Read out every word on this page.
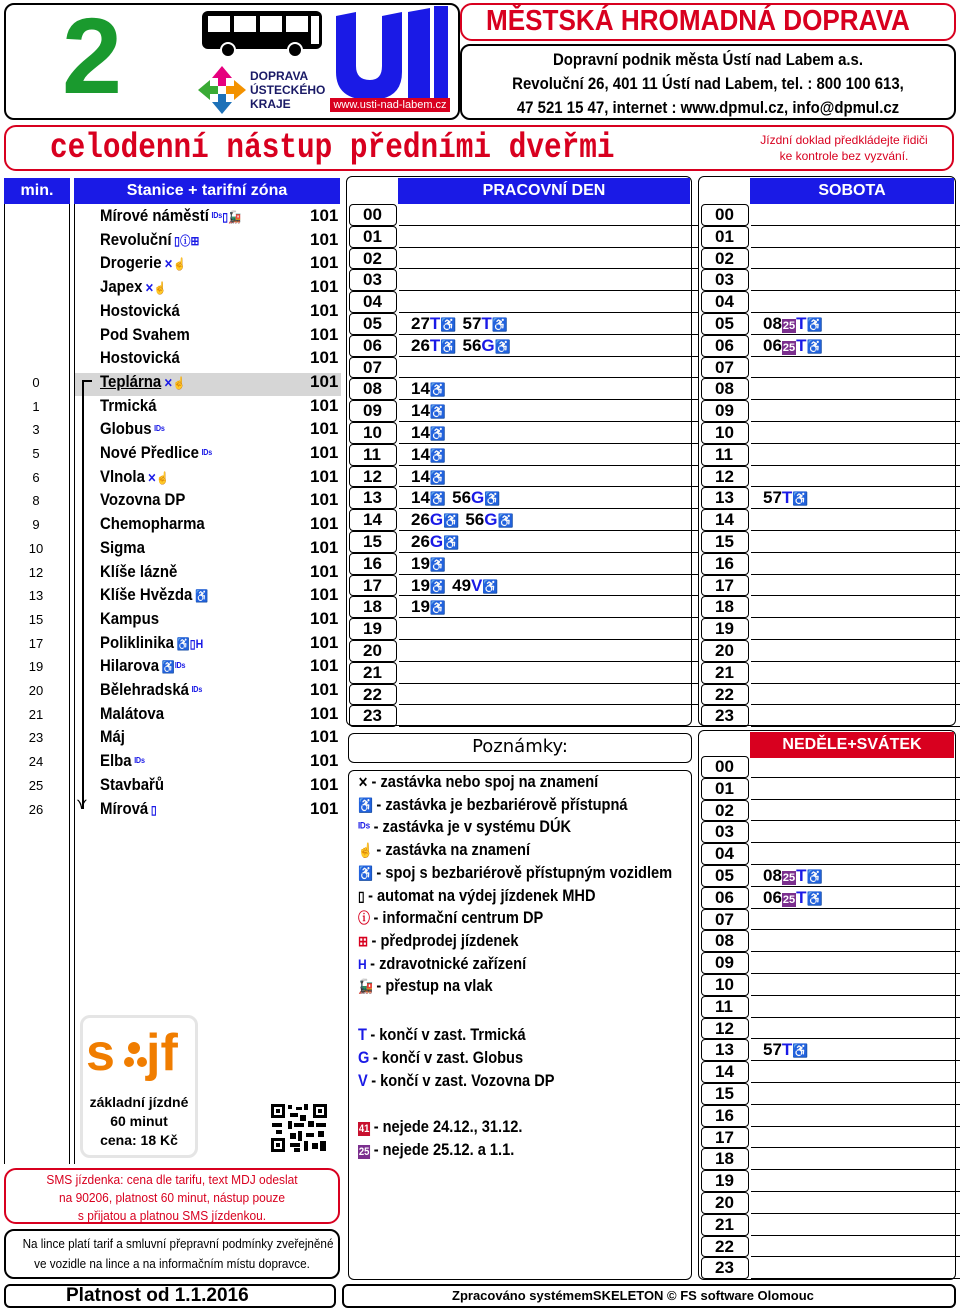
2	DOPRAVA
ÚSTECKÉHO
KRAJE	www.usti-nad-labem.cz
MĚSTSKÁ HROMADNÁ DOPRAVA
Dopravní podnik města Ústí nad Labem a.s.
Revoluční 26, 401 11 Ústí nad Labem, tel. : 800 100 613,
47 521 15 47, internet : www.dpmul.cz, info@dpmul.cz
celodenní nástup předními dveřmi	Jízdní doklad předkládejte řidiči
ke kontrole bez vyzvání.
min.	Stanice + tarifní zóna
⋎
Mírové náměstí ᴵᴰˢ▯🚂	101
Revoluční ▯ⓘ⊞	101
Drogerie ✕☝	101
Japex ✕☝	101
Hostovická	101
Pod Svahem	101
Hostovická	101
0	Teplárna ✕☝	101
1	Trmická	101
3	Globus ᴵᴰˢ	101
5	Nové Předlice ᴵᴰˢ	101
6	Vlnola ✕☝	101
8	Vozovna DP	101
9	Chemopharma	101
10	Sigma	101
12	Klíše lázně	101
13	Klíše Hvězda ♿	101
15	Kampus	101
17	Poliklinika ♿▯H	101
19	Hilarova ♿ᴵᴰˢ	101
20	Bělehradská ᴵᴰˢ	101
21	Malátova	101
23	Máj	101
24	Elba ᴵᴰˢ	101
25	Stavbařů	101
26	Mírová ▯	101
s jf
základní jízdné
60 minut
cena: 18 Kč
SMS jízdenka: cena dle tarifu, text MDJ odeslat
na 90206, platnost 60 minut, nástup pouze
s přijatou a platnou SMS jízdenkou.
Na lince platí tarif a smluvní přepravní podmínky zveřejněné
ve vozidle na lince a na informačním místu dopravce.
Platnost od 1.1.2016	Zpracováno systémemSKELETON © FS software Olomouc
PRACOVNÍ DEN
00
01
02
03
04
05 27T♿ 57T♿
06 26T♿ 56G♿
07
08 14♿
09 14♿
10 14♿
11 14♿
12 14♿
13 14♿ 56G♿
14 26G♿ 56G♿
15 26G♿
16 19♿
17 19♿ 49V♿
18 19♿
19
20
21
22
23
SOBOTA
00
01
02
03
04
05 0825T♿
06 0625T♿
07
08
09
10
11
12
13 57T♿
14
15
16
17
18
19
20
21
22
23
NEDĚLE+SVÁTEK
00
01
02
03
04
05 0825T♿
06 0625T♿
07
08
09
10
11
12
13 57T♿
14
15
16
17
18
19
20
21
22
23
Poznámky:
✕ - zastávka nebo spoj na znamení
♿ - zastávka je bezbariérově přístupná
ᴵᴰˢ - zastávka je v systému DÚK
☝ - zastávka na znamení
♿ - spoj s bezbariérově přístupným vozidlem
▯ - automat na výdej jízdenek MHD
ⓘ - informační centrum DP
⊞ - předprodej jízdenek
H - zdravotnické zařízení
🚂 - přestup na vlak
T - končí v zast. Trmická
G - končí v zast. Globus
V - končí v zast. Vozovna DP
41 - nejede 24.12., 31.12.
25 - nejede 25.12. a 1.1.
